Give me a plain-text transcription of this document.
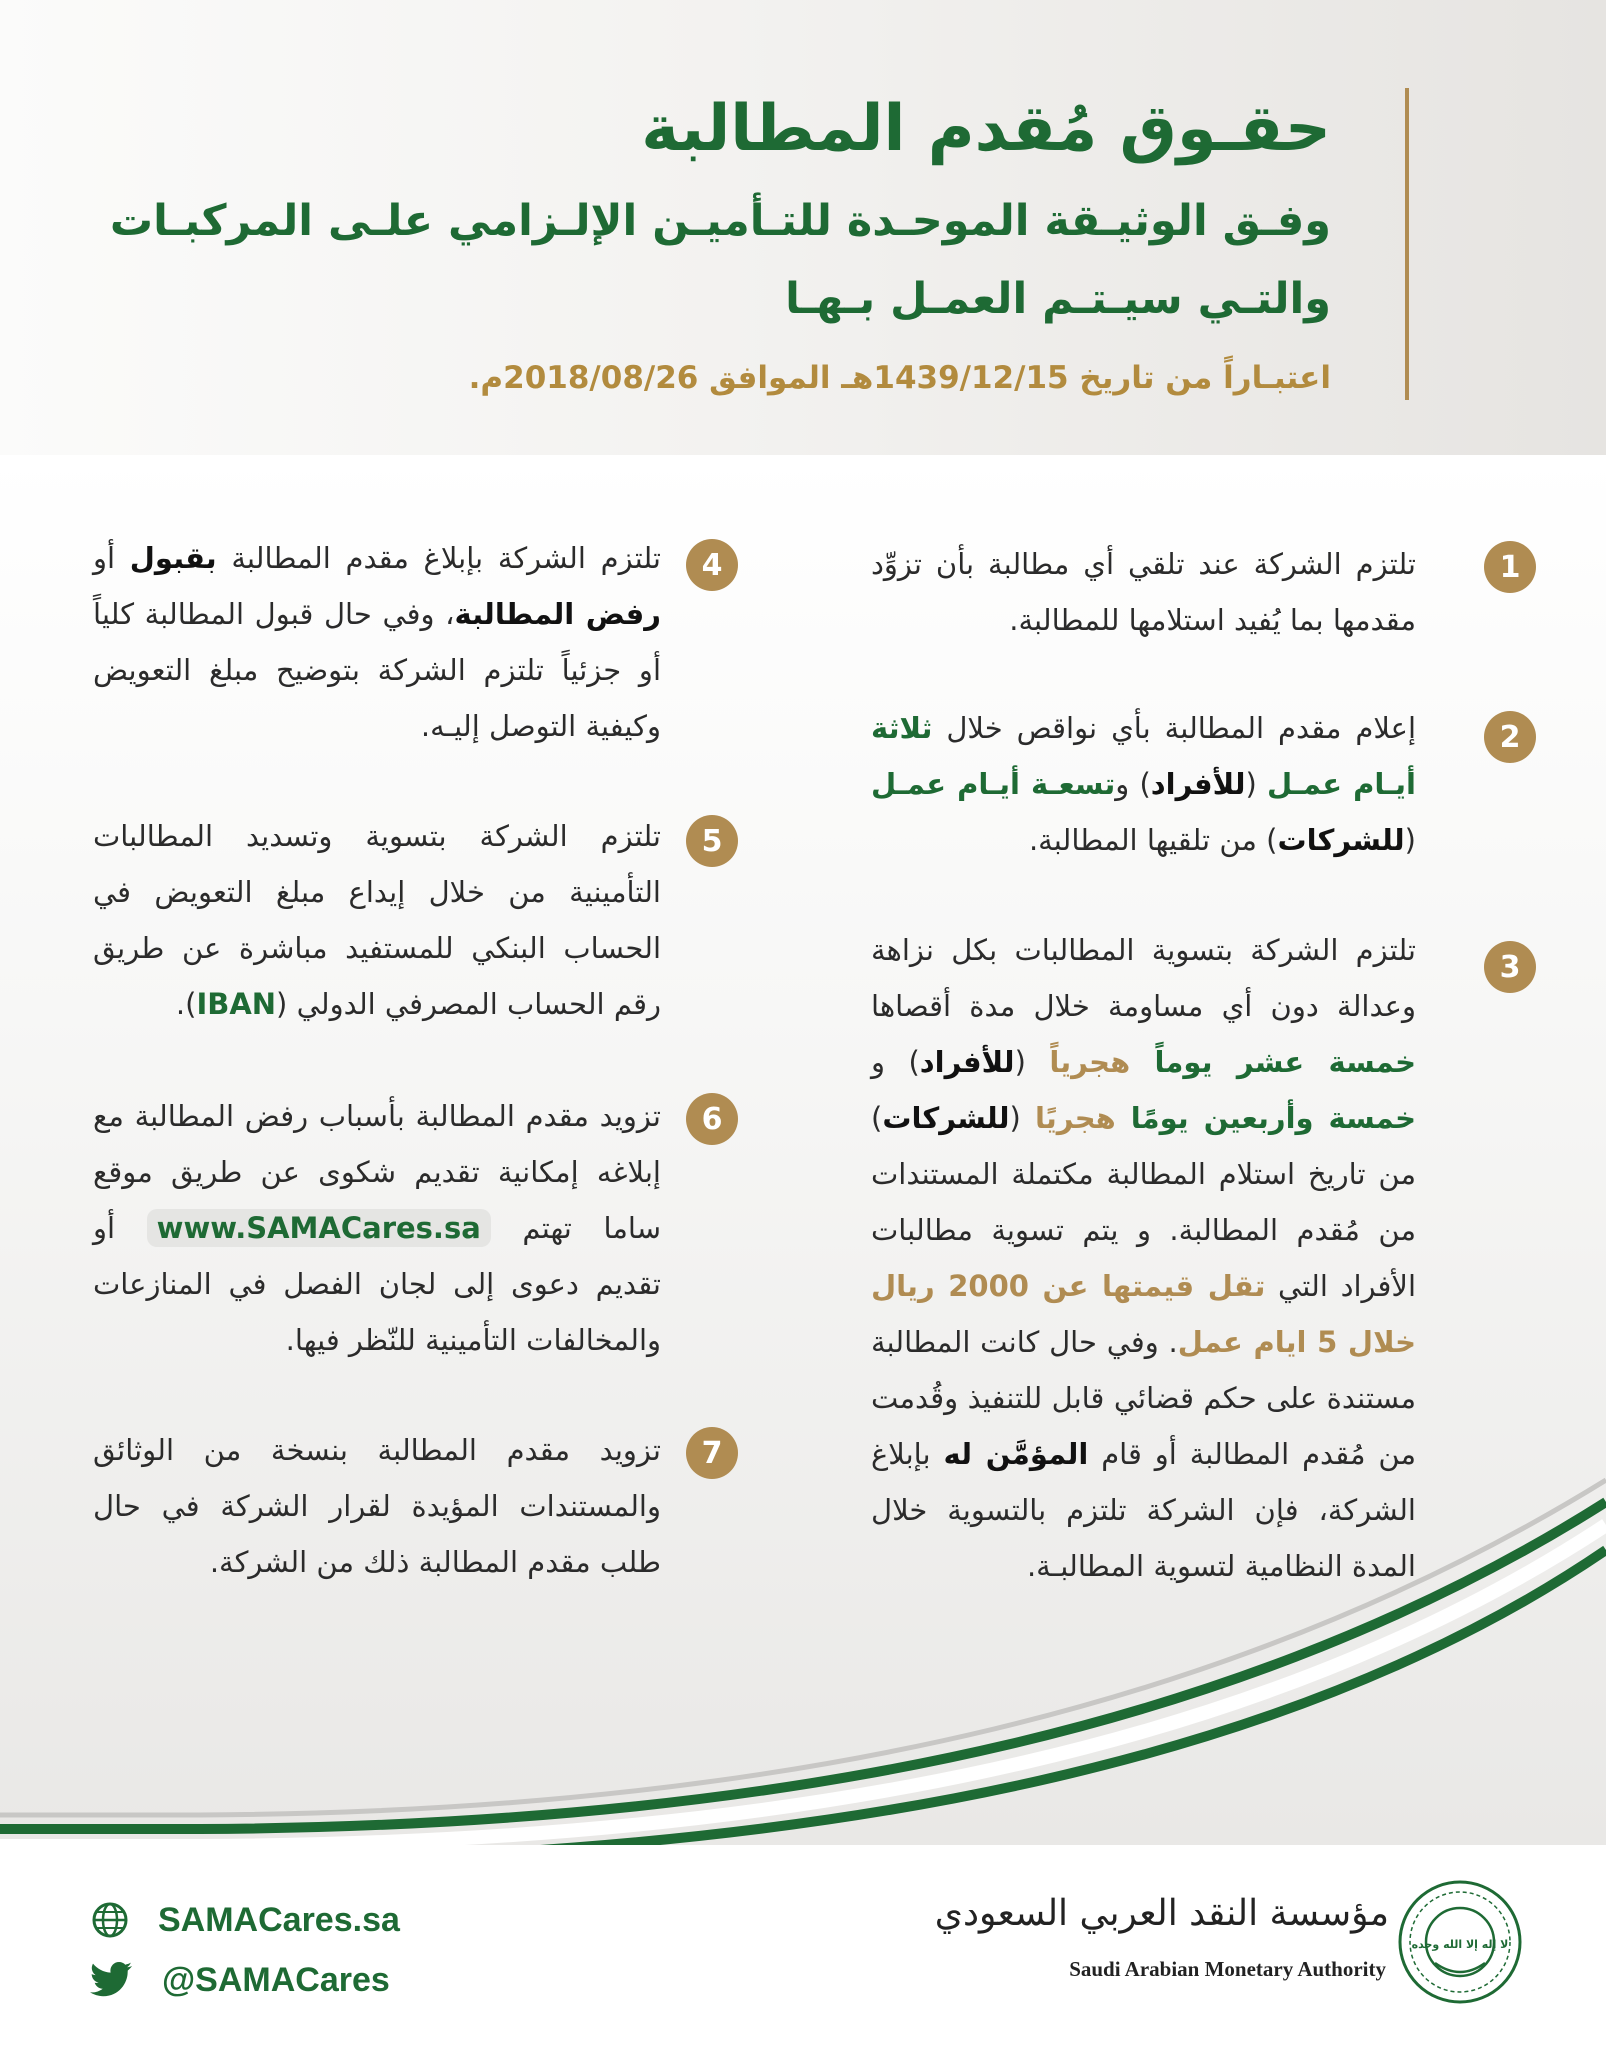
حقـوق مُقدم المطالبة
وفـق الوثيـقة الموحـدة للتـأميـن الإلـزامي علـى المركبـات
والتـي سيـتـم العمـل بـهـا

اعتبـاراً من تاريخ 1439/12/15هـ الموافق 2018/08/26م.

1
تلتزم الشركة عند تلقي أي مطالبة بأن تزوِّد مقدمها بما يُفيد استلامها للمطالبة.
2
إعلام مقدم المطالبة بأي نواقص خلال ثلاثة أيـام عمـل (للأفراد) وتسعـة أيـام عمـل (للشركات) من تلقيها المطالبة.
3
تلتزم الشركة بتسوية المطالبات بكل نزاهة وعدالة دون أي مساومة خلال مدة أقصاها خمسة عشر يوماً هجرياً (للأفراد) و خمسة وأربعين يومًا هجريًا (للشركات) من تاريخ استلام المطالبة مكتملة المستندات من مُقدم المطالبة. و يتم تسوية مطالبات الأفراد التي تقل قيمتها عن 2000 ريال خلال 5 ايام عمل. وفي حال كانت المطالبة مستندة على حكم قضائي قابل للتنفيذ وقُدمت من مُقدم المطالبة أو قام المؤمَّن له بإبلاغ الشركة، فإن الشركة تلتزم بالتسوية خلال المدة النظامية لتسوية المطالبـة.
4
تلتزم الشركة بإبلاغ مقدم المطالبة بقبول أو رفض المطالبة، وفي حال قبول المطالبة كلياً أو جزئياً تلتزم الشركة بتوضيح مبلغ التعويض وكيفية التوصل إليـه.
5
تلتزم الشركة بتسوية وتسديد المطالبات التأمينية من خلال إيداع مبلغ التعويض في الحساب البنكي للمستفيد مباشرة عن طريق رقم الحساب المصرفي الدولي (IBAN).
6
تزويد مقدم المطالبة بأسباب رفض المطالبة مع إبلاغه إمكانية تقديم شكوى عن طريق موقع ساما تهتم www.SAMACares.sa أو تقديم دعوى إلى لجان الفصل في المنازعات والمخالفات التأمينية للنّظر فيها.
7
تزويد مقدم المطالبة بنسخة من الوثائق والمستندات المؤيدة لقرار الشركة في حال طلب مقدم المطالبة ذلك من الشركة.
SAMACares.sa
@SAMACares

مؤسسة النقد العربي السعودي

Saudi Arabian Monetary Authority

لا إله إلا الله وحده
